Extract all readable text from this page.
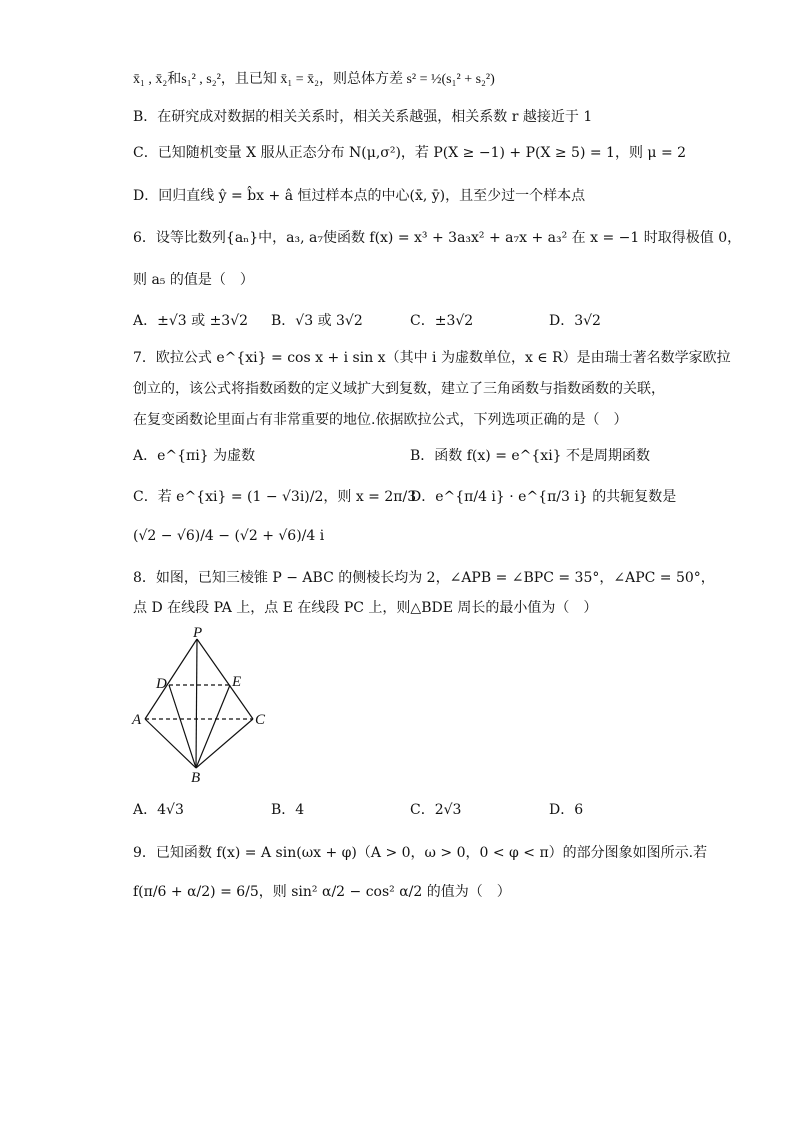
x̄₁ , x̄₂和s₁² , s₂²，且已知 x̄₁ = x̄₂，则总体方差 s² = ½(s₁² + s₂²)
B．在研究成对数据的相关关系时，相关关系越强，相关系数 r 越接近于 1
C．已知随机变量 X 服从正态分布 N(μ,σ²)，若 P(X ≥ −1) + P(X ≥ 5) = 1，则 μ = 2
D．回归直线 ŷ = b̂x + â 恒过样本点的中心(x̄, ȳ)，且至少过一个样本点
6．设等比数列{aₙ}中，a₃, a₇使函数 f(x) = x³ + 3a₃x² + a₇x + a₃² 在 x = −1 时取得极值 0，
则 a₅ 的值是（　）
A．±√3 或 ±3√2 B．√3 或 3√2	C．±3√2	D．3√2
7．欧拉公式 e^{xi} = cos x + i sin x（其中 i 为虚数单位，x ∈ R）是由瑞士著名数学家欧拉
创立的，该公式将指数函数的定义域扩大到复数，建立了三角函数与指数函数的关联，
在复变函数论里面占有非常重要的地位.依据欧拉公式，下列选项正确的是（　）
A．e^{πi} 为虚数	B．函数 f(x) = e^{xi} 不是周期函数
C．若 e^{xi} = (1 − √3i)/2，则 x = 2π/3
D．e^{π/4 i} · e^{π/3 i} 的共轭复数是
(√2 − √6)/4 − (√2 + √6)/4 i
8．如图，已知三棱锥 P − ABC 的侧棱长均为 2，∠APB = ∠BPC = 35°，∠APC = 50°，
点 D 在线段 PA 上，点 E 在线段 PC 上，则△BDE 周长的最小值为（　）
P
D	E
A	C
B
A．4√3	B．4	C．2√3	D．6
9．已知函数 f(x) = A sin(ωx + φ)（A > 0，ω > 0，0 < φ < π）的部分图象如图所示.若
f(π/6 + α/2) = 6/5，则 sin² α/2 − cos² α/2 的值为（　）
